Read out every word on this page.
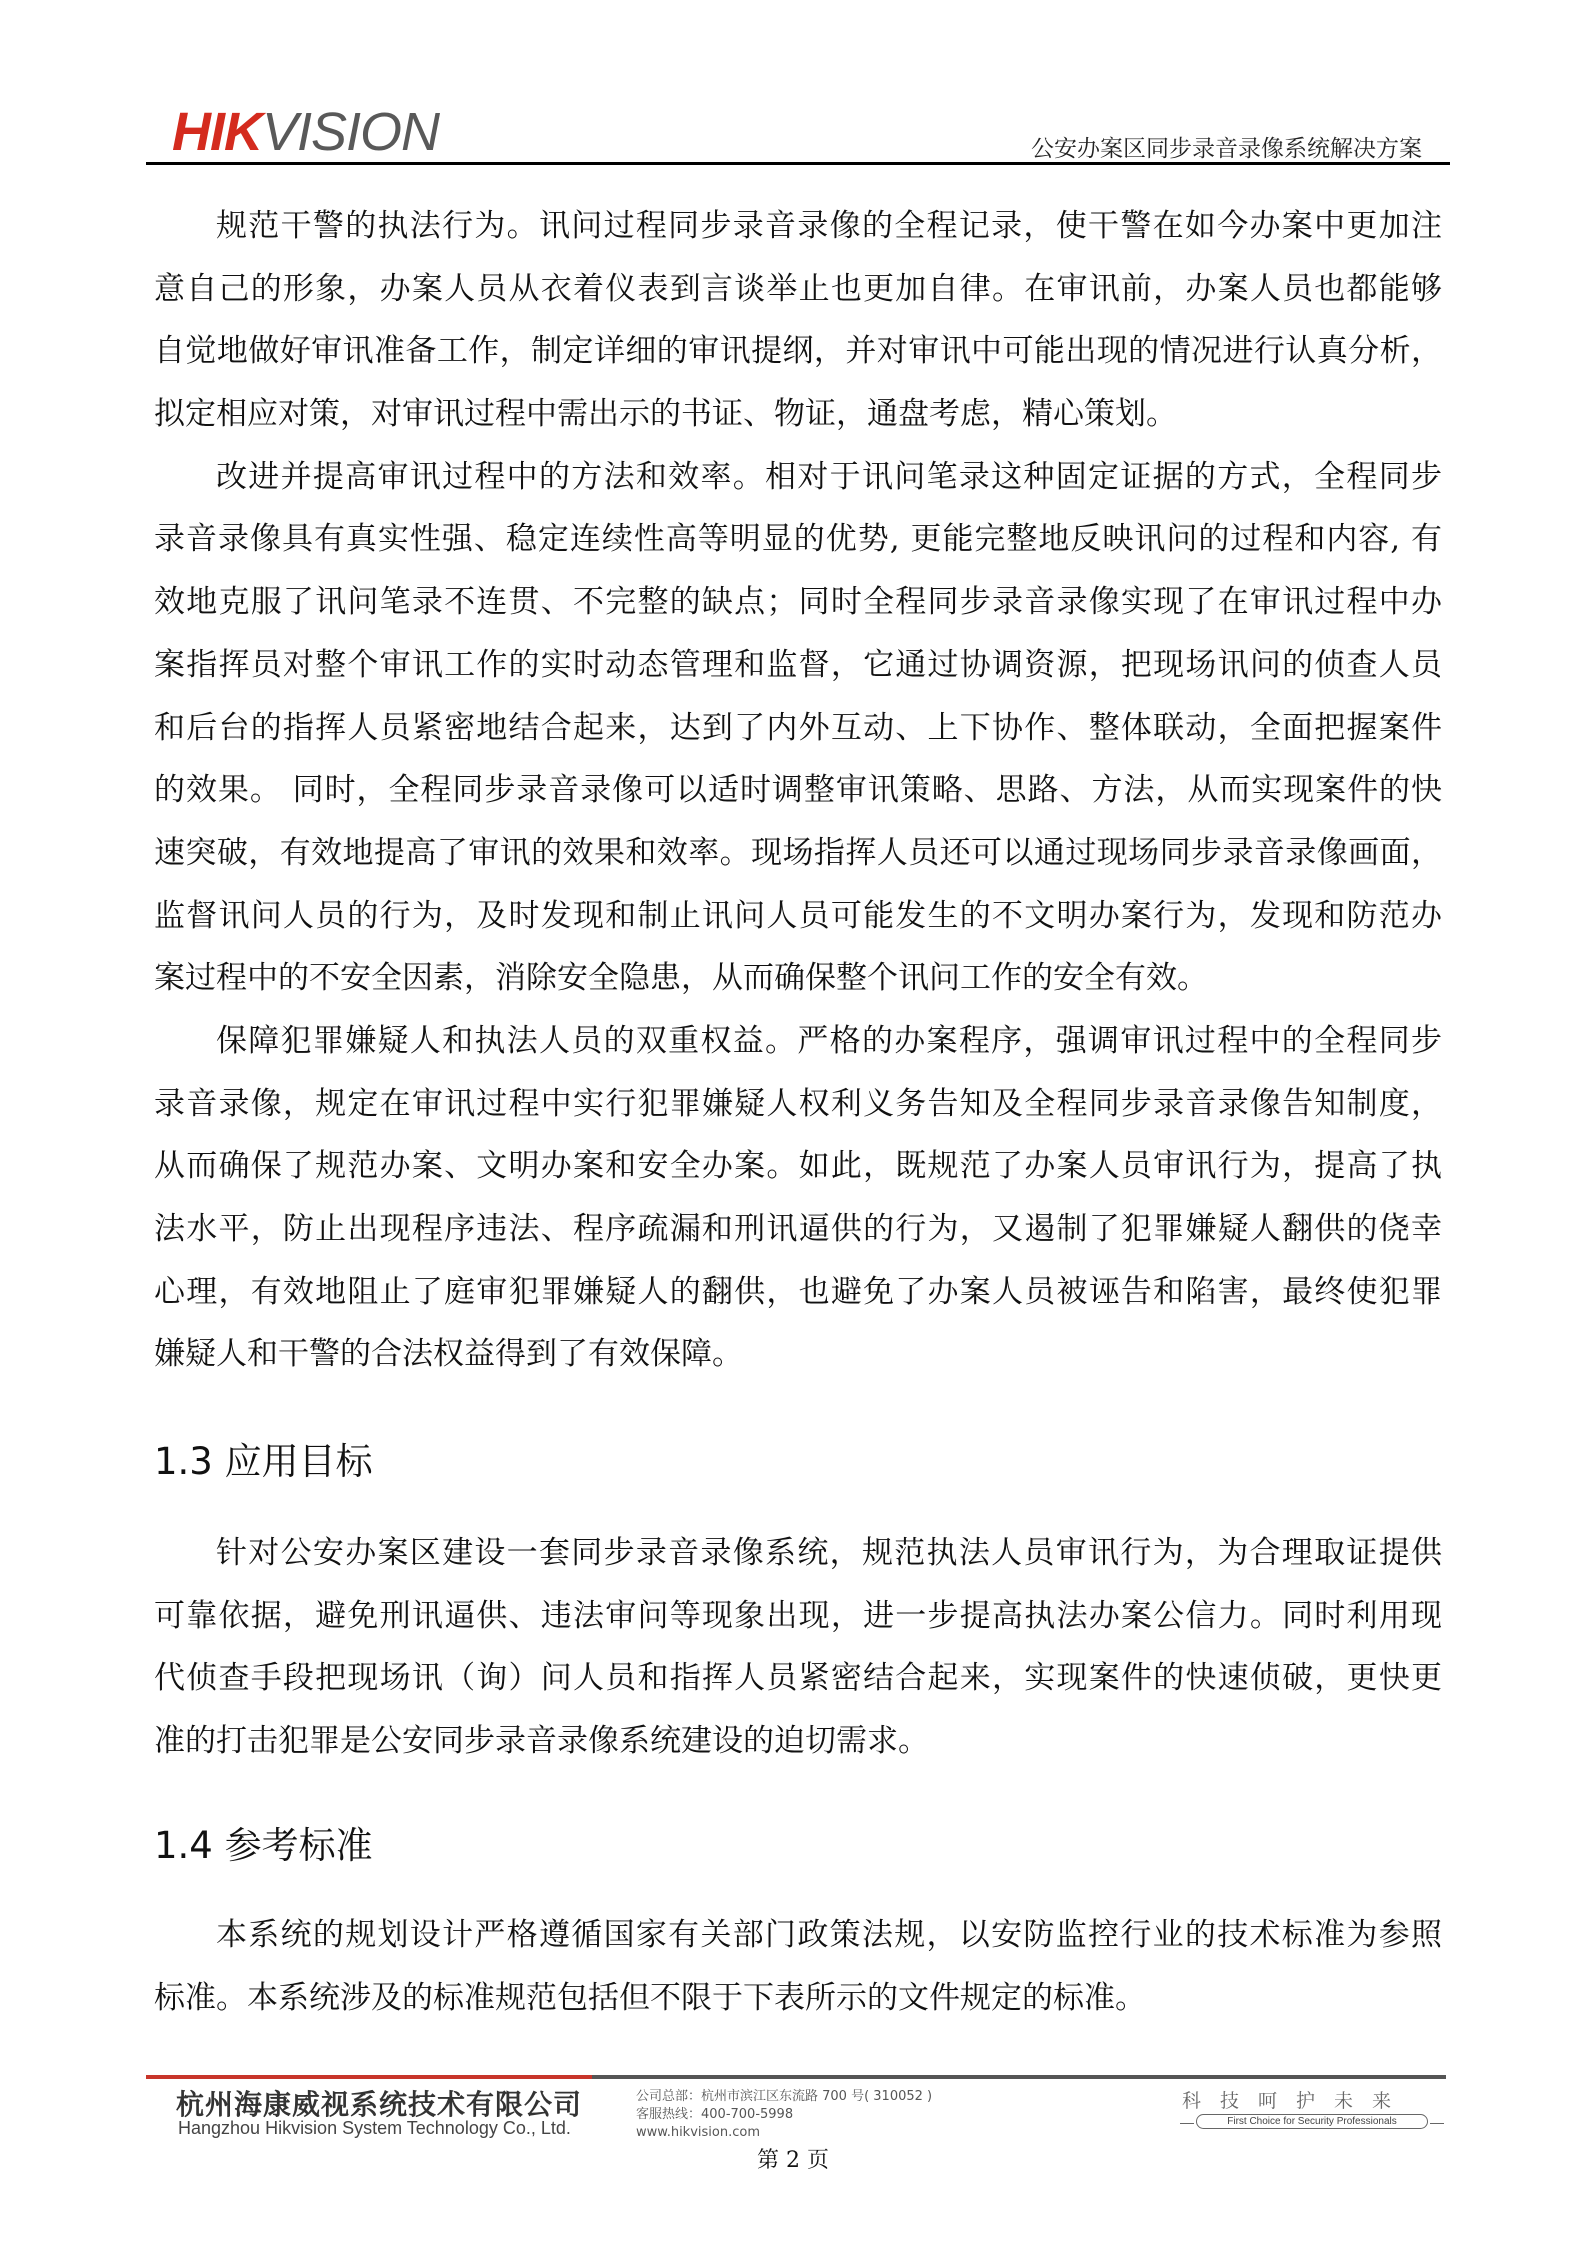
HIKVISION	公安办案区同步录音录像系统解决方案
规范干警的执法行为。讯问过程同步录音录像的全程记录，使干警在如今办案中更加注
意自己的形象，办案人员从衣着仪表到言谈举止也更加自律。在审讯前，办案人员也都能够
自觉地做好审讯准备工作，制定详细的审讯提纲，并对审讯中可能出现的情况进行认真分析，
拟定相应对策，对审讯过程中需出示的书证、物证，通盘考虑，精心策划。
改进并提高审讯过程中的方法和效率。相对于讯问笔录这种固定证据的方式，全程同步
录音录像具有真实性强、稳定连续性高等明显的优势, 更能完整地反映讯问的过程和内容, 有
效地克服了讯问笔录不连贯、不完整的缺点；同时全程同步录音录像实现了在审讯过程中办
案指挥员对整个审讯工作的实时动态管理和监督，它通过协调资源，把现场讯问的侦查人员
和后台的指挥人员紧密地结合起来，达到了内外互动、上下协作、整体联动，全面把握案件
的效果。 同时，全程同步录音录像可以适时调整审讯策略、思路、方法，从而实现案件的快
速突破，有效地提高了审讯的效果和效率。现场指挥人员还可以通过现场同步录音录像画面，
监督讯问人员的行为，及时发现和制止讯问人员可能发生的不文明办案行为，发现和防范办
案过程中的不安全因素，消除安全隐患，从而确保整个讯问工作的安全有效。
保障犯罪嫌疑人和执法人员的双重权益。严格的办案程序，强调审讯过程中的全程同步
录音录像，规定在审讯过程中实行犯罪嫌疑人权利义务告知及全程同步录音录像告知制度，
从而确保了规范办案、文明办案和安全办案。如此，既规范了办案人员审讯行为，提高了执
法水平，防止出现程序违法、程序疏漏和刑讯逼供的行为，又遏制了犯罪嫌疑人翻供的侥幸
心理，有效地阻止了庭审犯罪嫌疑人的翻供，也避免了办案人员被诬告和陷害，最终使犯罪
嫌疑人和干警的合法权益得到了有效保障。
1.3 应用目标
针对公安办案区建设一套同步录音录像系统，规范执法人员审讯行为，为合理取证提供
可靠依据，避免刑讯逼供、违法审问等现象出现，进一步提高执法办案公信力。同时利用现
代侦查手段把现场讯（询）问人员和指挥人员紧密结合起来，实现案件的快速侦破，更快更
准的打击犯罪是公安同步录音录像系统建设的迫切需求。
1.4 参考标准
本系统的规划设计严格遵循国家有关部门政策法规，以安防监控行业的技术标准为参照
标准。本系统涉及的标准规范包括但不限于下表所示的文件规定的标准。
杭州海康威视系统技术有限公司
Hangzhou Hikvision System Technology Co., Ltd.
公司总部：杭州市滨江区东流路 700 号( 310052 )
客服热线：400-700-5998
www.hikvision.com
科技呵护未来
First Choice for Security Professionals
第 2 页
